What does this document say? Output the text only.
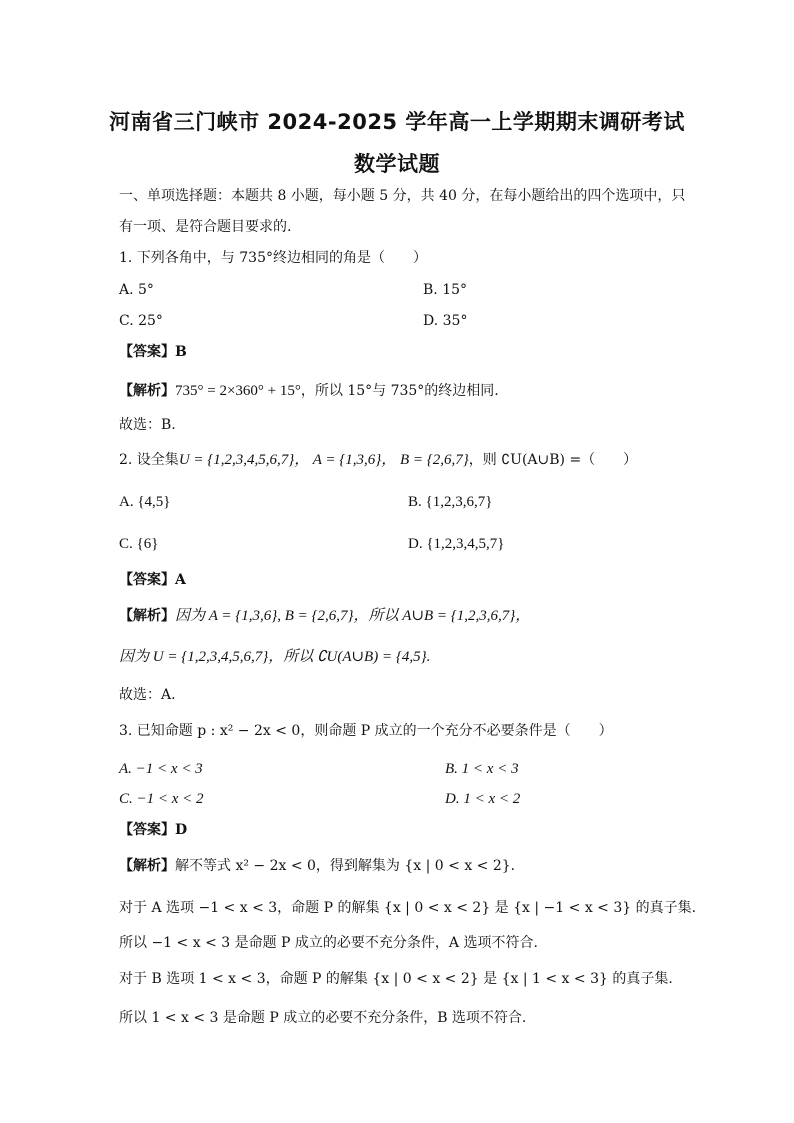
河南省三门峡市 2024-2025 学年高一上学期期末调研考试
数学试题
一、单项选择题：本题共 8 小题，每小题 5 分，共 40 分，在每小题给出的四个选项中，只
有一项、是符合题目要求的.
1. 下列各角中，与 735°终边相同的角是（　　）
A. 5°	B. 15°
C. 25°	D. 35°
【答案】B
【解析】735° = 2×360° + 15°，所以 15°与 735°的终边相同.
故选：B.
2. 设全集U = {1,2,3,4,5,6,7}， A = {1,3,6}， B = {2,6,7}，则 ∁U(A∪B) =（　　）
A. {4,5}	B. {1,2,3,6,7}
C. {6}	D. {1,2,3,4,5,7}
【答案】A
【解析】因为 A = {1,3,6}, B = {2,6,7}，所以 A∪B = {1,2,3,6,7}，
因为 U = {1,2,3,4,5,6,7}，所以 ∁U(A∪B) = {4,5}.
故选：A.
3. 已知命题 p : x² − 2x < 0，则命题 P 成立的一个充分不必要条件是（　　）
A. −1 < x < 3	B. 1 < x < 3
C. −1 < x < 2	D. 1 < x < 2
【答案】D
【解析】解不等式 x² − 2x < 0，得到解集为 {x | 0 < x < 2}.
对于 A 选项 −1 < x < 3，命题 P 的解集 {x | 0 < x < 2} 是 {x | −1 < x < 3} 的真子集.
所以 −1 < x < 3 是命题 P 成立的必要不充分条件，A 选项不符合.
对于 B 选项 1 < x < 3，命题 P 的解集 {x | 0 < x < 2} 是 {x | 1 < x < 3} 的真子集.
所以 1 < x < 3 是命题 P 成立的必要不充分条件，B 选项不符合.
